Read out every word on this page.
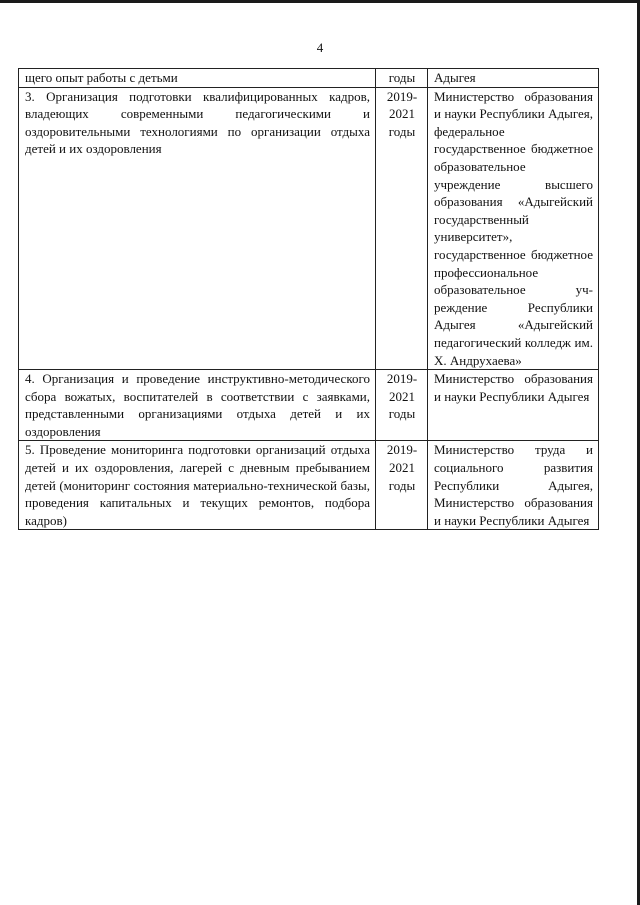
4
щего опыт работы с детьми	годы	Адыгея
3. Организация подготовки квалифицированных кадров, владеющих современными педагогическими и оздоровительными технологиями по организации отдыха детей и их оздоровления	2019-2021 годы	Министерство образования и науки Республики Адыгея, федеральное государственное бюджетное образовательное учреждение высшего образования «Адыгейский государственный университет», государственное бюджетное профессиональное образовательное учреждение Республики Адыгея «Адыгейский педагогический колледж им. Х. Андрухаева»
4. Организация и проведение инструктивно-методического сбора вожатых, воспитателей в соответствии с заявками, представленными организациями отдыха детей и их оздоровления	2019-2021 годы	Министерство образования и науки Республики Адыгея
5. Проведение мониторинга подготовки организаций отдыха детей и их оздоровления, лагерей с дневным пребыванием детей (мониторинг состояния материально-технической базы, проведения капитальных и текущих ремонтов, подбора кадров)	2019-2021 годы	Министерство труда и социального развития Республики Адыгея, Министерство образования и науки Республики Адыгея
